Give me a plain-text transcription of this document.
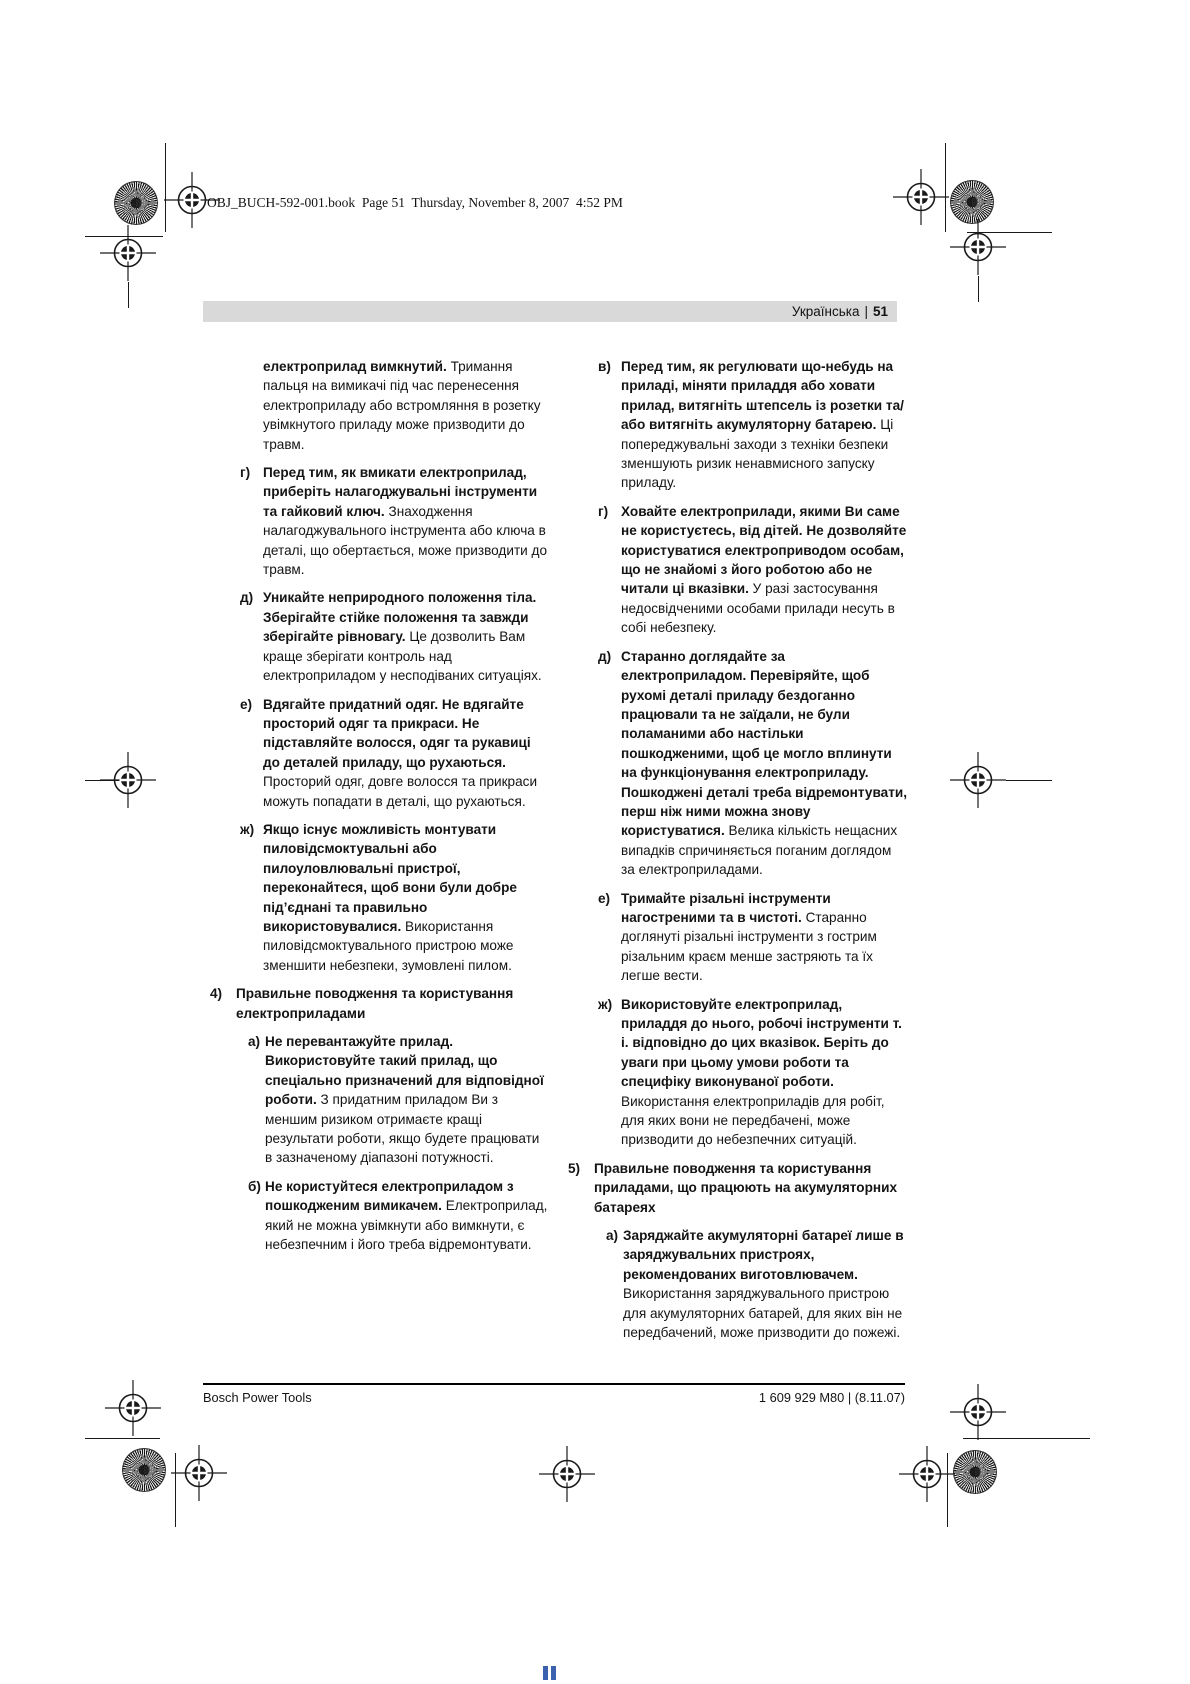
OBJ_BUCH-592-001.book  Page 51  Thursday, November 8, 2007  4:52 PM
Українська | 51
електроприлад вимкнутий. Тримання пальця на вимикачі під час перенесення електроприладу або встромляння в розетку увімкнутого приладу може призводити до травм.
г) Перед тим, як вмикати електроприлад, приберіть налагоджувальні інструменти та гайковий ключ. Знаходження налагоджувального інструмента або ключа в деталі, що обертається, може призводити до травм.
д) Уникайте неприродного положення тіла. Зберігайте стійке положення та завжди зберігайте рівновагу. Це дозволить Вам краще зберігати контроль над електроприладом у несподіваних ситуаціях.
е) Вдягайте придатний одяг. Не вдягайте просторий одяг та прикраси. Не підставляйте волосся, одяг та рукавиці до деталей приладу, що рухаються. Просторий одяг, довге волосся та прикраси можуть попадати в деталі, що рухаються.
ж) Якщо існує можливість монтувати пиловідсмоктувальні або пилоуловлювальні пристрої, переконайтеся, щоб вони були добре під’єднані та правильно використовувалися. Використання пиловідсмоктувального пристрою може зменшити небезпеки, зумовлені пилом.
4)	Правильне поводження та користування електроприладами
а) Не перевантажуйте прилад. Використовуйте такий прилад, що спеціально призначений для відповідної роботи. З придатним приладом Ви з меншим ризиком отримаєте кращі результати роботи, якщо будете працювати в зазначеному діапазоні потужності.
б) Не користуйтеся електроприладом з пошкодженим вимикачем. Електроприлад, який не можна увімкнути або вимкнути, є небезпечним і його треба відремонтувати.
в) Перед тим, як регулювати що-небудь на приладі, міняти приладдя або ховати прилад, витягніть штепсель із розетки та/або витягніть акумуляторну батарею. Ці попереджувальні заходи з техніки безпеки зменшують ризик ненавмисного запуску приладу.
г) Ховайте електроприлади, якими Ви саме не користуєтесь, від дітей. Не дозволяйте користуватися електроприводом особам, що не знайомі з його роботою або не читали ці вказівки. У разі застосування недосвідченими особами прилади несуть в собі небезпеку.
д) Старанно доглядайте за електроприладом. Перевіряйте, щоб рухомі деталі приладу бездоганно працювали та не заїдали, не були поламаними або настільки пошкодженими, щоб це могло вплинути на функціонування електроприладу. Пошкоджені деталі треба відремонтувати, перш ніж ними можна знову користуватися. Велика кількість нещасних випадків спричиняється поганим доглядом за електроприладами.
е) Тримайте різальні інструменти нагостреними та в чистоті. Старанно доглянуті різальні інструменти з гострим різальним краєм менше застряють та їх легше вести.
ж) Використовуйте електроприлад, приладдя до нього, робочі інструменти т. і. відповідно до цих вказівок. Беріть до уваги при цьому умови роботи та специфіку виконуваної роботи. Використання електроприладів для робіт, для яких вони не передбачені, може призводити до небезпечних ситуацій.
5)	Правильне поводження та користування приладами, що працюють на акумуляторних батареях
а) Заряджайте акумуляторні батареї лише в заряджувальних пристроях, рекомендованих виготовлювачем. Використання заряджувального пристрою для акумуляторних батарей, для яких він не передбачений, може призводити до пожежі.
Bosch Power Tools	1 609 929 M80 | (8.11.07)
